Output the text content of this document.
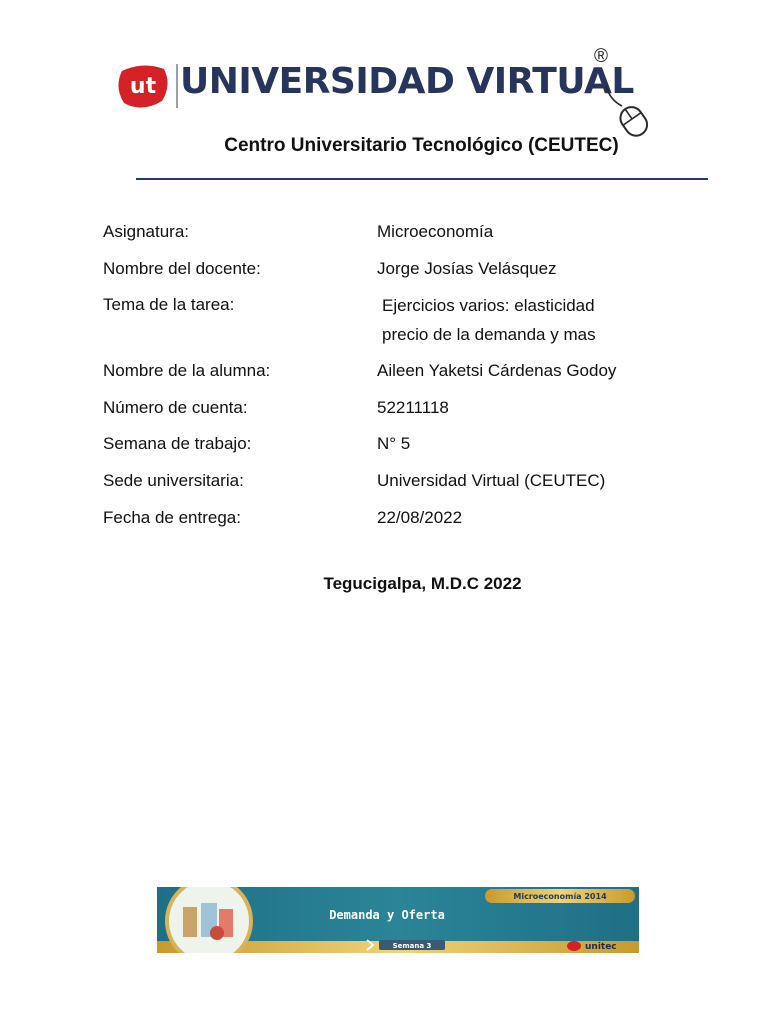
ut UNIVERSIDAD VIRTUAL
®
Centro Universitario Tecnológico (CEUTEC)
Asignatura:	Microeconomía
Nombre del docente:	Jorge Josías Velásquez
Tema de la tarea:	Ejercicios varios: elasticidad precio de la demanda y mas
Nombre de la alumna:	Aileen Yaketsi Cárdenas Godoy
Número de cuenta:	52211118
Semana de trabajo:	N° 5
Sede universitaria:	Universidad Virtual (CEUTEC)
Fecha de entrega:	22/08/2022
Tegucigalpa, M.D.C 2022
Microeconomía 2014
Demanda y Oferta
Semana 3	unitec
